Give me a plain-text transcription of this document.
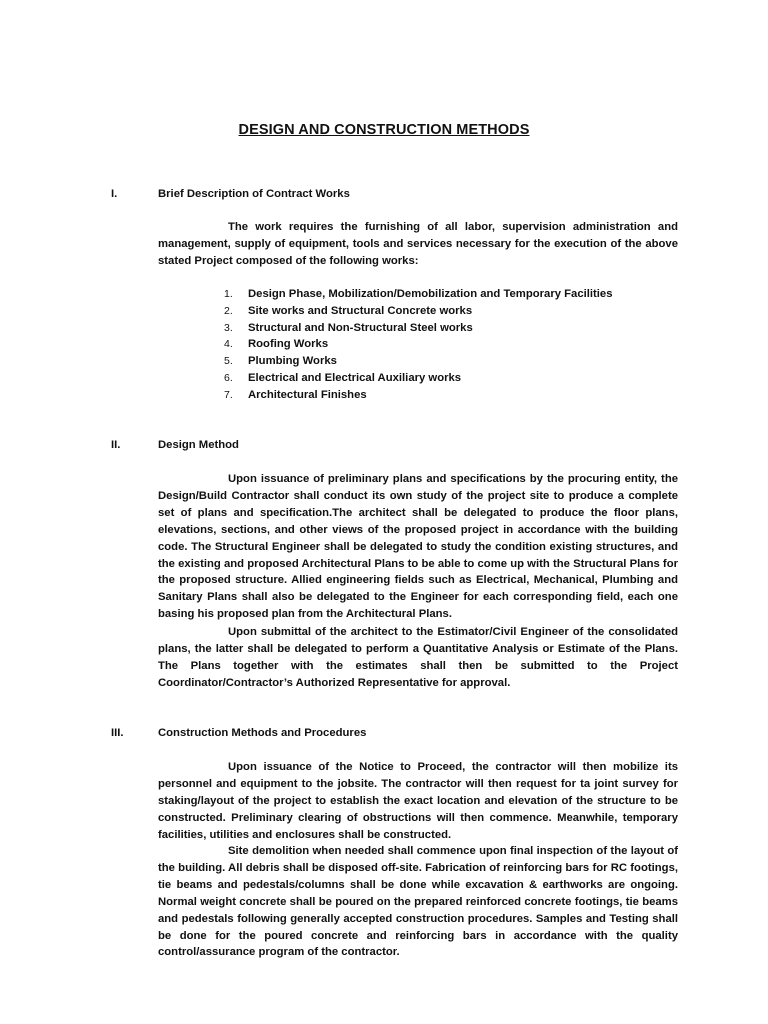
DESIGN AND CONSTRUCTION METHODS
I.	Brief Description of Contract Works
The work requires the furnishing of all labor, supervision administration and management, supply of equipment, tools and services necessary for the execution of the above stated Project composed of the following works:
1. Design Phase, Mobilization/Demobilization and Temporary Facilities
2. Site works and Structural Concrete works
3. Structural and Non-Structural Steel works
4. Roofing Works
5. Plumbing Works
6. Electrical and Electrical Auxiliary works
7. Architectural Finishes
II.	Design Method
Upon issuance of preliminary plans and specifications by the procuring entity, the Design/Build Contractor shall conduct its own study of the project site to produce a complete set of plans and specification.The architect shall be delegated to produce the floor plans, elevations, sections, and other views of the proposed project in accordance with the building code. The Structural Engineer shall be delegated to study the condition existing structures, and the existing and proposed Architectural Plans to be able to come up with the Structural Plans for the proposed structure. Allied engineering fields such as Electrical, Mechanical, Plumbing and Sanitary Plans shall also be delegated to the Engineer for each corresponding field, each one basing his proposed plan from the Architectural Plans.
Upon submittal of the architect to the Estimator/Civil Engineer of the consolidated plans, the latter shall be delegated to perform a Quantitative Analysis or Estimate of the Plans. The Plans together with the estimates shall then be submitted to the Project Coordinator/Contractor’s Authorized Representative for approval.
III.	Construction Methods and Procedures
Upon issuance of the Notice to Proceed, the contractor will then mobilize its personnel and equipment to the jobsite. The contractor will then request for ta joint survey for staking/layout of the project to establish the exact location and elevation of the structure to be constructed. Preliminary clearing of obstructions will then commence. Meanwhile, temporary facilities, utilities and enclosures shall be constructed.
Site demolition when needed shall commence upon final inspection of the layout of the building. All debris shall be disposed off-site. Fabrication of reinforcing bars for RC footings, tie beams and pedestals/columns shall be done while excavation & earthworks are ongoing. Normal weight concrete shall be poured on the prepared reinforced concrete footings, tie beams and pedestals following generally accepted construction procedures. Samples and Testing shall be done for the poured concrete and reinforcing bars in accordance with the quality control/assurance program of the contractor.
